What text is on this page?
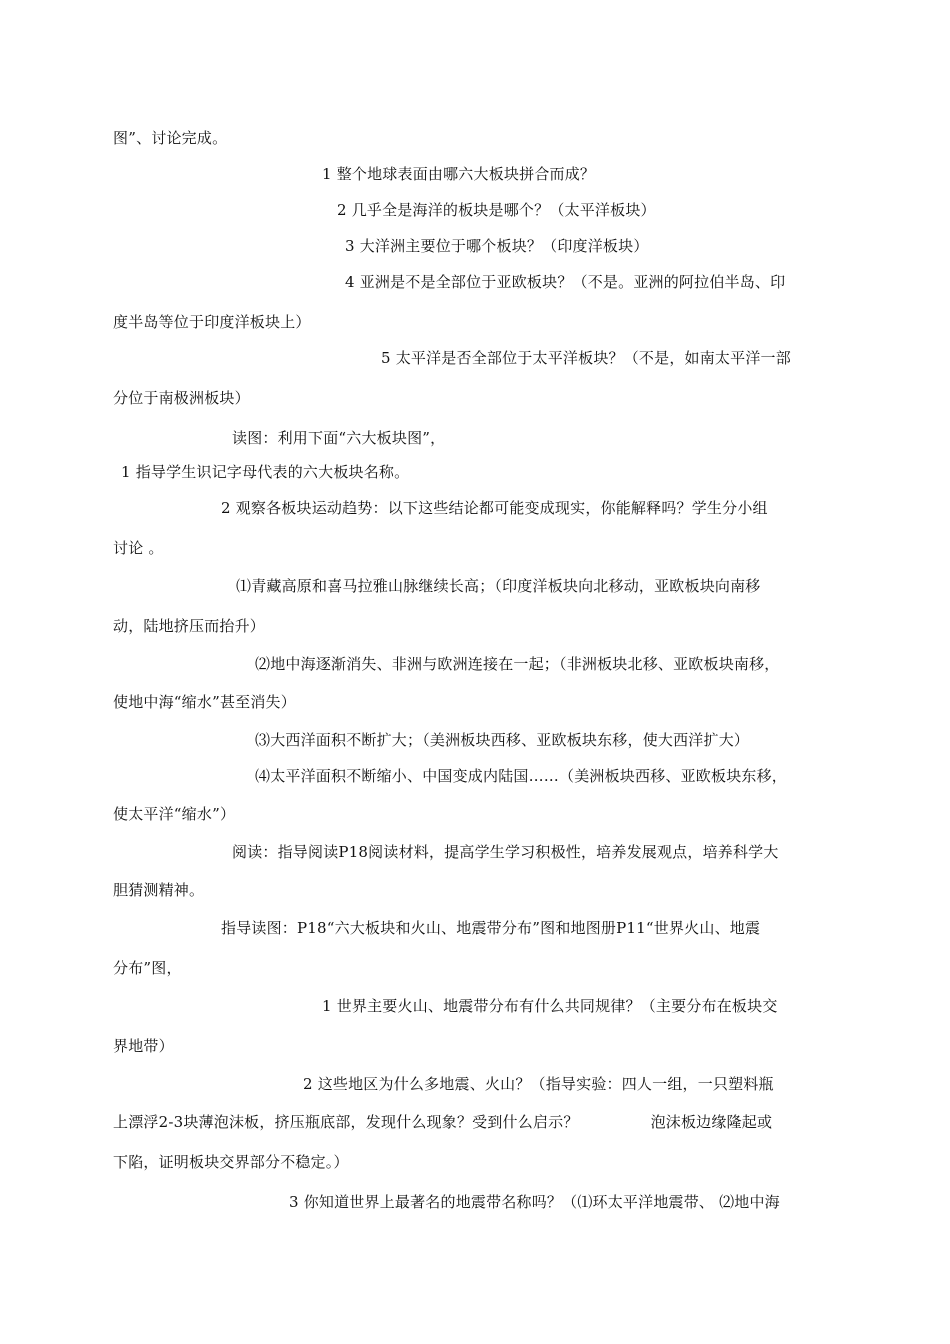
图”、讨论完成。
1 整个地球表面由哪六大板块拼合而成？
2 几乎全是海洋的板块是哪个？（太平洋板块）
3 大洋洲主要位于哪个板块？（印度洋板块）
4 亚洲是不是全部位于亚欧板块？（不是。亚洲的阿拉伯半岛、印
度半岛等位于印度洋板块上）
5 太平洋是否全部位于太平洋板块？（不是，如南太平洋一部
分位于南极洲板块）
读图：利用下面“六大板块图”，
1 指导学生识记字母代表的六大板块名称。
2 观察各板块运动趋势：以下这些结论都可能变成现实，你能解释吗？学生分小组
讨论 。
⑴青藏高原和喜马拉雅山脉继续长高；（印度洋板块向北移动，亚欧板块向南移
动，陆地挤压而抬升）
⑵地中海逐渐消失、非洲与欧洲连接在一起；（非洲板块北移、亚欧板块南移，
使地中海“缩水”甚至消失）
⑶大西洋面积不断扩大；（美洲板块西移、亚欧板块东移，使大西洋扩大）
⑷太平洋面积不断缩小、中国变成内陆国……（美洲板块西移、亚欧板块东移，
使太平洋“缩水”）
阅读：指导阅读P18阅读材料，提高学生学习积极性，培养发展观点，培养科学大
胆猜测精神。
指导读图：P18“六大板块和火山、地震带分布”图和地图册P11“世界火山、地震
分布”图，
1 世界主要火山、地震带分布有什么共同规律？（主要分布在板块交
界地带）
2 这些地区为什么多地震、火山？（指导实验：四人一组，一只塑料瓶
上漂浮2-3块薄泡沫板，挤压瓶底部，发现什么现象？受到什么启示？	泡沫板边缘隆起或
下陷，证明板块交界部分不稳定。）
3 你知道世界上最著名的地震带名称吗？（⑴环太平洋地震带、 ⑵地中海
